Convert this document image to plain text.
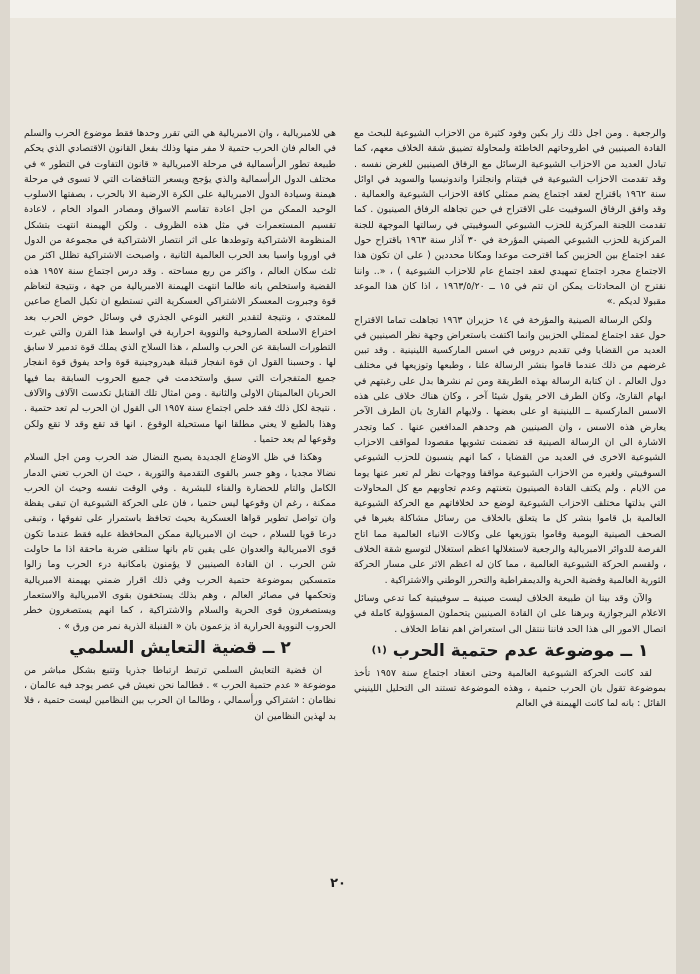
والرجعية . ومن اجل ذلك زار بكين وفود كثيرة من الاحزاب الشيوعية للبحث مع القادة الصينيين في اطروحاتهم الخاطئة ولمحاولة تضييق شقة الخلاف معهم، كما تبادل العديد من الاحزاب الشيوعية الرسائل مع الرفاق الصينيين للغرض نفسه . وقد تقدمت الاحزاب الشيوعية في فيتنام وانجلترا واندونيسيا والسويد في اوائل سنة ١٩٦٢ باقتراح لعقد اجتماع يضم ممثلي كافة الاحزاب الشيوعية والعمالية . وقد وافق الرفاق السوفييت على الاقتراح في حين تجاهله الرفاق الصينيون . كما تقدمت اللجنة المركزية للحزب الشيوعي السوفييتي في رسالتها الموجهة للجنة المركزية للحزب الشيوعي الصيني المؤرخة في ٣٠ آذار سنة ١٩٦٣ باقتراح حول عقد اجتماع بين الحزبين كما اقترحت موعدا ومكانا محددين ( على ان تكون هذا الاجتماع مجرد اجتماع تمهيدي لعقد اجتماع عام للاحزاب الشيوعية ) ، «.. واننا نقترح ان المحادثات يمكن ان تتم في ١٥ ــ ١٩٦٣/٥/٢٠ ، اذا كان هذا الموعد مقبولا لديكم .»

ولكن الرسالة الصينية والمؤرخة في ١٤ حزيران ١٩٦٣ تجاهلت تماما الاقتراح حول عقد اجتماع لممثلي الحزبين وانما اكتفت باستعراض وجهة نظر الصينيين في العديد من القضايا وفي تقديم دروس في اسس الماركسية اللينينية . وقد تبين غرضهم من ذلك عندما قاموا بنشر الرسالة علنا ، وطبعها وتوزيعها في مختلف دول العالم . ان كتابة الرسالة بهذه الطريقة ومن ثم نشرها بدل على رغبتهم في ابهام القارئ، وكان الطرف الاخر يقول شيئا آخر ، وكان هناك خلاف على هذه الاسس الماركسية ــ اللينينية او على بعضها . ولايهام القارئ بان الطرف الآخر يعارض هذه الاسس ، وان الصينيين هم وحدهم المدافعين عنها . كما وتجدر الاشارة الى ان الرسالة الصينية قد تضمنت تشويها مقصودا لمواقف الاحزاب الشيوعية الاخرى في العديد من القضايا ، كما انهم ينسبون للحزب الشيوعي السوفييتي ولغيره من الاحزاب الشيوعية مواقفا ووجهات نظر لم تعبر عنها يوما من الايام . ولم يكتف القادة الصينيون بتعنتهم وعدم تجاوبهم مع كل المحاولات التي بذلتها مختلف الاحزاب الشيوعية لوضع حد لخلافاتهم مع الحركة الشيوعية العالمية بل قاموا بنشر كل ما يتعلق بالخلاف من رسائل مشاكلة بغيرها في الصحف الصينية اليومية وقاموا بتوزيعها على وكالات الانباء العالمية مما اتاح الفرصة للدوائر الامبريالية والرجعية لاستغلالها اعظم استغلال لتوسيع شقة الخلاف ، ولقسم الحركة الشيوعية العالمية ، مما كان له اعظم الاثر على مسار الحركة الثورية العالمية وقضية الحرية والديمقراطية والتحرر الوطني والاشتراكية .

والآن وقد بينا ان طبيعة الخلاف ليست صينية ــ سوفييتية كما تدعي وسائل الاعلام البرجوازية وبرهنا على ان القادة الصينيين يتحملون المسؤولية كاملة في اتصال الامور الى هذا الحد فاننا ننتقل الى استعراض اهم نقاط الخلاف .

١ ــ موضوعة عدم حتمية الحرب $^{(١)}$

لقد كانت الحركة الشيوعية العالمية وحتى انعقاد اجتماع سنة ١٩٥٧ تأخذ بموضوعة تقول بان الحرب حتمية ، وهذه الموضوعة تستند الى التحليل اللينيني القائل : بانه لما كانت الهيمنة في العالم

هي للامبريالية ، وان الامبريالية هي التي تقرر وحدها فقط موضوع الحرب والسلم في العالم فان الحرب حتمية لا مفر منها وذلك بفعل القانون الاقتصادي الذي يحكم طبيعة تطور الرأسمالية في مرحلة الامبريالية « قانون التفاوت في التطور » في مختلف الدول الرأسمالية والذي يؤجج ويسعر التناقضات التي لا تسوى في مرحلة هيمنة وسيادة الدول الامبريالية على الكرة الارضية الا بالحرب ، بصفتها الاسلوب الوحيد الممكن من اجل اعادة تقاسم الاسواق ومصادر المواد الخام ، لاعادة تقسيم المستعمرات في مثل هذه الظروف . ولكن الهيمنة انتهت بتشكل المنظومة الاشتراكية وتوطدها على اثر انتصار الاشتراكية في مجموعة من الدول في اوروبا واسيا بعد الحرب العالمية الثانية ، واصبحت الاشتراكية تظلل اكثر من ثلث سكان العالم ، واكثر من ربع مساحته . وقد درس اجتماع سنة ١٩٥٧ هذه القضية واستخلص بانه طالما انتهت الهيمنة الامبريالية من جهة ، ونتيجة لتعاظم قوة وجبروت المعسكر الاشتراكي العسكرية التي تستطيع ان تكيل الصاع صاعين للمعتدي ، ونتيجة لتقدير التغير النوعي الجذري في وسائل خوض الحرب بعد اختراع الاسلحة الصاروخية والنووية احرارية في اواسط هذا القرن والتي غيرت التطورات السابقة عن الحرب والسلم ، هذا السلاح الذي يملك قوة تدمير لا سابق لها . وحسبنا القول ان قوة انفجار قنبلة هيدروجينية قوة واحد يفوق قوة انفجار جميع المتفجرات التي سبق واستخدمت في جميع الحروب السابقة بما فيها الحربان العالميتان الاولى والثانية . ومن امثال تلك القنابل تكدست الآلاف والآلاف . نتيجة لكل ذلك فقد خلص اجتماع سنة ١٩٥٧ الى القول ان الحرب لم تعد حتمية . وهذا بالطبع لا يعني مطلقا انها مستحيلة الوقوع . انها قد تقع وقد لا تقع ولكن وقوعها لم يعد حتميا .

وهكذا في ظل الاوضاع الجديدة يصبح النضال ضد الحرب ومن اجل السلام نضالا مجديا ، وهو جسر بالقوى التقدمية والثورية ، حيث ان الحرب تعني الدمار الكامل والتام للحضارة والفناء للبشرية . وفي الوقت نفسه وحيث ان الحرب ممكنة ، رغم ان وقوعها ليس حتميا ، فان على الحركة الشيوعية ان تبقى يقظة وان تواصل تطوير قواها العسكرية بحيث تحافظ باستمرار على تفوقها ، وتبقى درعا قويا للسلام ، حيث ان الامبريالية ممكن المحافظة عليه فقط عندما تكون قوى الامبريالية والعدوان على يقين تام بانها ستلقى ضربة ماحقة اذا ما حاولت شن الحرب . ان القادة الصينيين لا يؤمنون بامكانية درء الحرب وما زالوا متمسكين بموضوعة حتمية الحرب وفي ذلك اقرار ضمني بهيمنة الامبريالية وتحكمها في مصائر العالم ، وهم بذلك يستخفون بقوى الامبريالية والاستعمار ويستصغرون قوى الحرية والسلام والاشتراكية ، كما انهم يستصغرون خطر الحروب النووية الحرارية اذ يزعمون بان « القنبلة الذرية نمر من ورق » .

٢ ــ قضية التعايش السلمي

ان قضية التعايش السلمي ترتبط ارتباطا جذريا وتنبع بشكل مباشر من موضوعة « عدم حتمية الحرب » . فطالما نحن نعيش في عصر يوجد فيه عالمان ، نظامان : اشتراكي ورأسمالي ، وطالما ان الحرب بين النظامين ليست حتمية ، فلا بد لهذين النظامين ان

٢٠
